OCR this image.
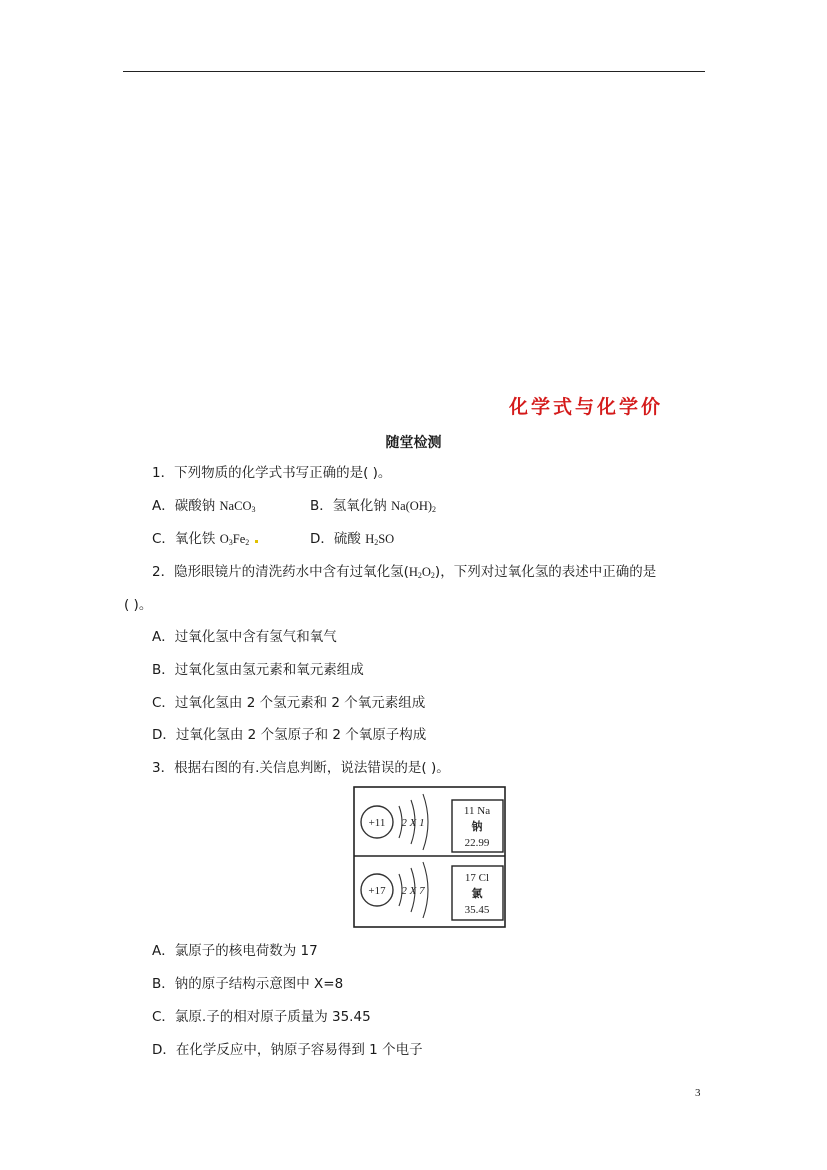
化学式与化学价
随堂检测
1．下列物质的化学式书写正确的是( )。
A．碳酸钠 NaCO$_3$	B．氢氧化钠 $Na(OH)_2$
C．氧化铁 $O_3Fe_2$	D．硫酸 $H_2SO$
2．隐形眼镜片的清洗药水中含有过氧化氢$(H_2O_2)$，下列对过氧化氢的表述中正确的是
( )。
A．过氧化氢中含有氢气和氧气
B．过氧化氢由氢元素和氧元素组成
C．过氧化氢由 2 个氢元素和 2 个氧元素组成
D．过氧化氢由 2 个氢原子和 2 个氧原子构成
3．根据右图的有.关信息判断，说法错误的是( )。
+11 2 X 1
11 Na
钠
22.99
+17 2 X 7
17 Cl
氯
35.45
A．氯原子的核电荷数为 17
B．钠的原子结构示意图中 X=8
C．氯原.子的相对原子质量为 35.45
D．在化学反应中，钠原子容易得到 1 个电子
3
